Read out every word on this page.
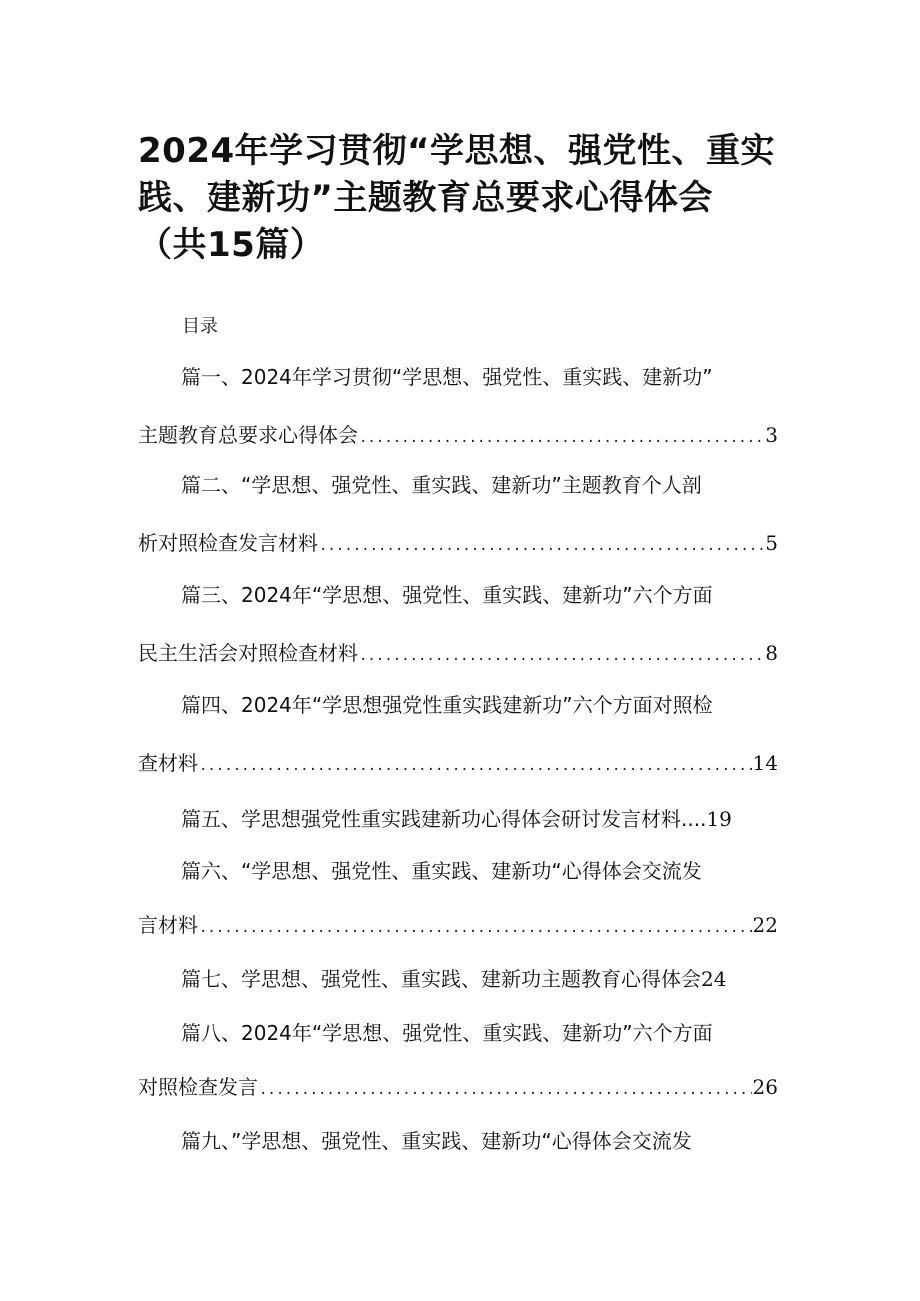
2024年学习贯彻“学思想、强党性、重实践、建新功”主题教育总要求心得体会（共15篇）

目录

篇一、2024年学习贯彻“学思想、强党性、重实践、建新功”
主题教育总要求心得体会 .....	3
篇二、“学思想、强党性、重实践、建新功”主题教育个人剖
析对照检查发言材料 .....	5
篇三、2024年“学思想、强党性、重实践、建新功”六个方面
民主生活会对照检查材料 .....	8
篇四、2024年“学思想强党性重实践建新功”六个方面对照检
查材料 .....	14
篇五、学思想强党性重实践建新功心得体会研讨发言材料.... 19
篇六、“学思想、强党性、重实践、建新功“心得体会交流发
言材料 .....	22
篇七、学思想、强党性、重实践、建新功主题教育心得体会 24
篇八、2024年“学思想、强党性、重实践、建新功”六个方面
对照检查发言 .....	26
篇九、”学思想、强党性、重实践、建新功“心得体会交流发
